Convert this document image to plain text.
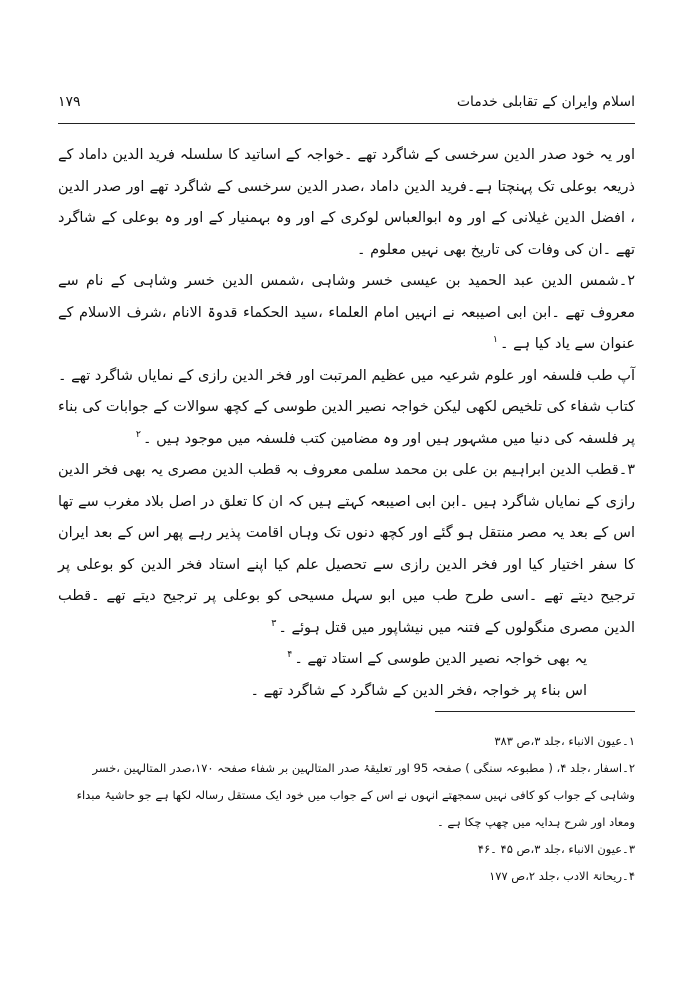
اسلام وایران کے تقابلی خدمات
۱۷۹

اور یہ خود صدر الدین سرخسی کے شاگرد تھے ۔خواجہ کے اساتید کا سلسلہ فرید الدین داماد کے ذریعہ بوعلی تک پہنچتا ہے۔فرید الدین داماد ،صدر الدین سرخسی کے شاگرد تھے اور صدر الدین ، افضل الدین غیلانی کے اور وہ ابوالعباس لوکری کے اور وہ بہمنیار کے اور وہ بوعلی کے شاگرد تھے ۔ان کی وفات کی تاریخ بھی نہیں معلوم ۔

۲۔شمس الدین عبد الحمید بن عیسی خسر وشاہی ،شمس الدین خسر وشاہی کے نام سے معروف تھے ۔ابن ابی اصیبعہ نے انہیں امام العلماء ،سید الحکماء قدوۃ الانام ،شرف الاسلام کے عنوان سے یاد کیا ہے ۔$^۱$

آپ طب فلسفہ اور علوم شرعیہ میں عظیم المرتبت اور فخر الدین رازی کے نمایاں شاگرد تھے ۔کتاب شفاء کی تلخیص لکھی لیکن خواجہ نصیر الدین طوسی کے کچھ سوالات کے جوابات کی بناء پر فلسفہ کی دنیا میں مشہور ہیں اور وہ مضامین کتب فلسفہ میں موجود ہیں ۔$^۲$

۳۔قطب الدین ابراہیم بن علی بن محمد سلمی معروف بہ قطب الدین مصری یہ بھی فخر الدین رازی کے نمایاں شاگرد ہیں ۔ابن ابی اصیبعہ کہتے ہیں کہ ان کا تعلق در اصل بلاد مغرب سے تھا اس کے بعد یہ مصر منتقل ہو گئے اور کچھ دنوں تک وہاں اقامت پذیر رہے پھر اس کے بعد ایران کا سفر اختیار کیا اور فخر الدین رازی سے تحصیل علم کیا اپنے استاد فخر الدین کو بوعلی پر ترجیح دیتے تھے ۔اسی طرح طب میں ابو سہل مسیحی کو بوعلی پر ترجیح دیتے تھے ۔قطب الدین مصری منگولوں کے فتنہ میں نیشاپور میں قتل ہوئے ۔$^۳$

یہ بھی خواجہ نصیر الدین طوسی کے استاد تھے ۔$^۴$

اس بناء پر خواجہ ،فخر الدین کے شاگرد کے شاگرد تھے ۔

۱۔عیون الانباء ،جلد ۳،ص ۳۸۳

۲۔اسفار ،جلد ۴، ( مطبوعہ سنگی ) صفحہ 95 اور تعلیقۂ صدر المتالہین بر شفاء صفحہ ۱۷۰،صدر المتالہین ،خسر وشاہی کے جواب کو کافی نہیں سمجھتے انہوں نے اس کے جواب میں خود ایک مستقل رسالہ لکھا ہے جو حاشیۂ مبداء ومعاد اور شرح ہدایہ میں چھپ چکا ہے ۔

۳۔عیون الانباء ،جلد ۳،ص ۴۵ ۔۴۶

۴۔ریحانۃ الادب ،جلد ۲،ص ۱۷۷
